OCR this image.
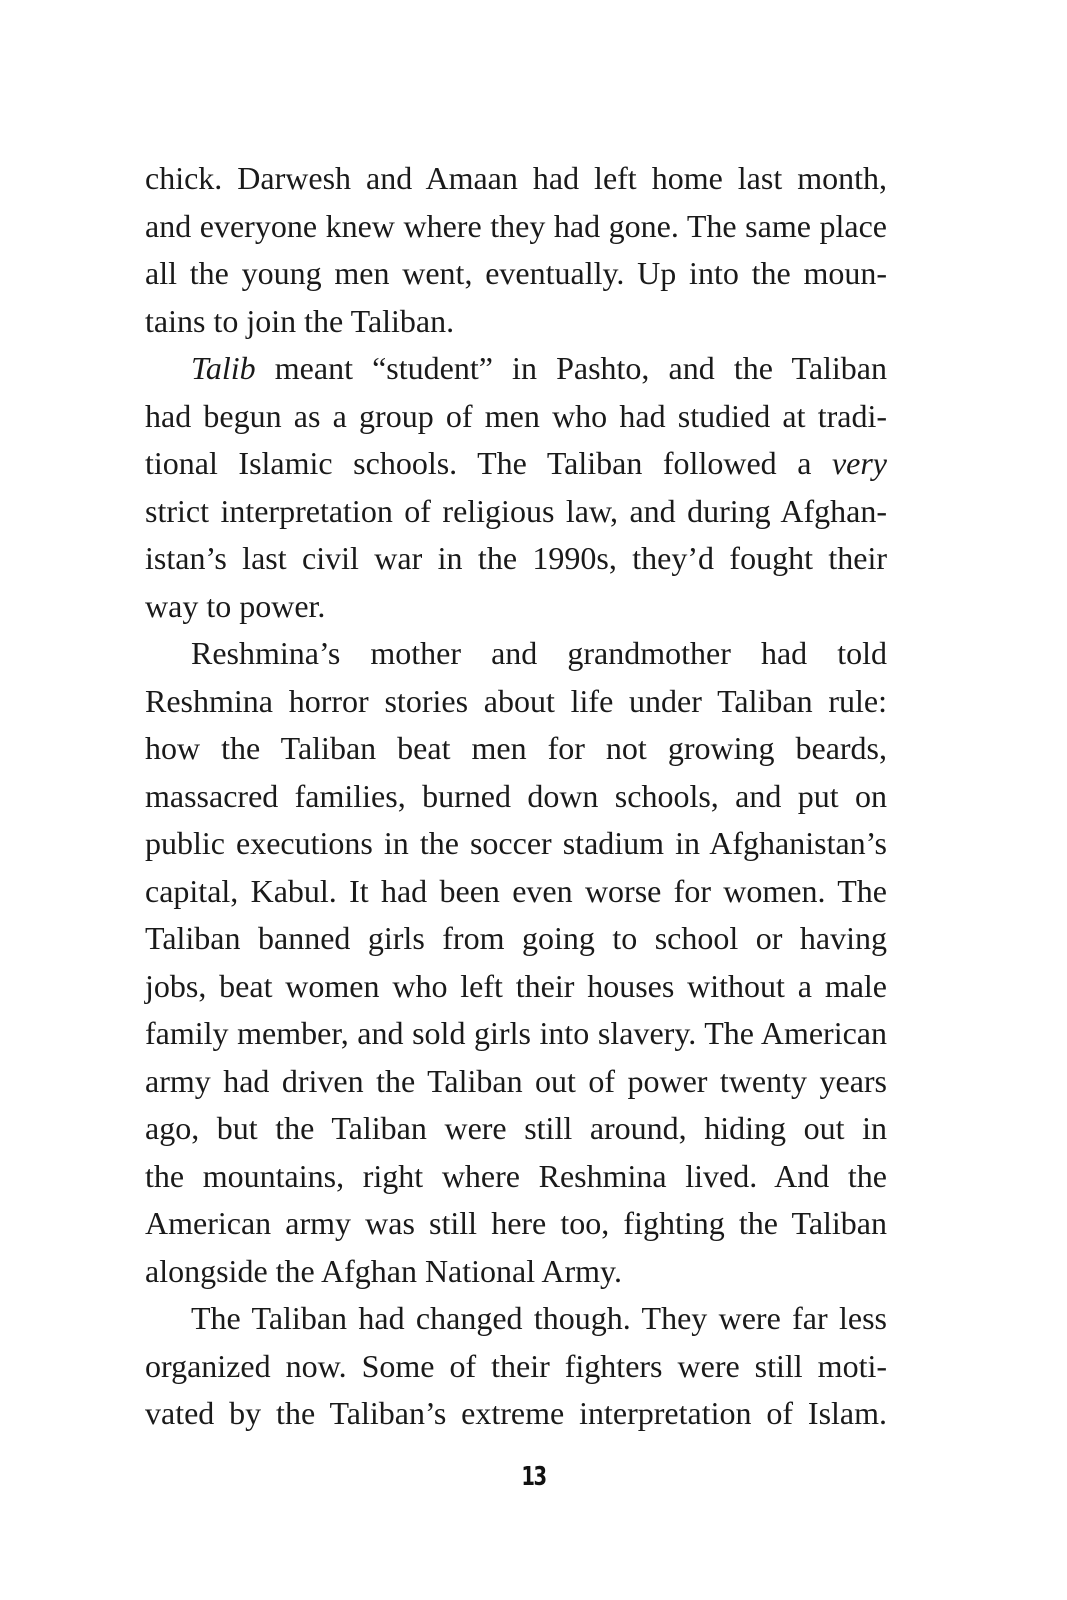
chick. Darwesh and Amaan had left home last month,
and everyone knew where they had gone. The same place
all the young men went, eventually. Up into the moun-
tains to join the Taliban.
Talib meant “student” in Pashto, and the Taliban
had begun as a group of men who had studied at tradi-
tional Islamic schools. The Taliban followed a very
strict interpretation of religious law, and during Afghan-
istan’s last civil war in the 1990s, they’d fought their
way to power.
Reshmina’s mother and grandmother had told
Reshmina horror stories about life under Taliban rule:
how the Taliban beat men for not growing beards,
massacred families, burned down schools, and put on
public executions in the soccer stadium in Afghanistan’s
capital, Kabul. It had been even worse for women. The
Taliban banned girls from going to school or having
jobs, beat women who left their houses without a male
family member, and sold girls into slavery. The American
army had driven the Taliban out of power twenty years
ago, but the Taliban were still around, hiding out in
the mountains, right where Reshmina lived. And the
American army was still here too, fighting the Taliban
alongside the Afghan National Army.
The Taliban had changed though. They were far less
organized now. Some of their fighters were still moti-
vated by the Taliban’s extreme interpretation of Islam.
13
